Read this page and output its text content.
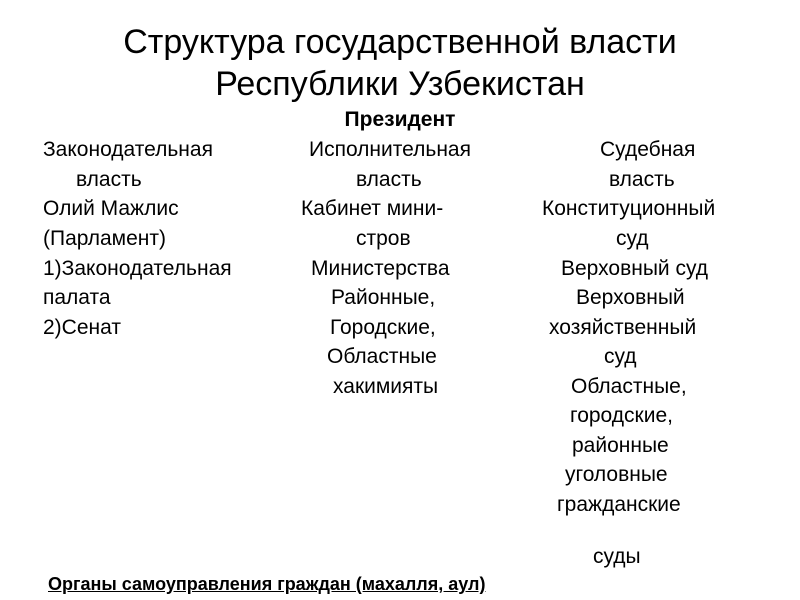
Структура государственной власти
Республики Узбекистан
Президент
Законодательная
власть
Олий Мажлис
(Парламент)
1)Законодательная
палата
2)Сенат
Исполнительная
власть
Кабинет мини-
стров
Министерства
Районные,
Городские,
Областные
хакимияты
Судебная
власть
Конституционный
суд
Верховный суд
Верховный
хозяйственный
суд
Областные,
городские,
районные
уголовные
гражданские
суды
Органы самоуправления граждан (махалля, аул)
